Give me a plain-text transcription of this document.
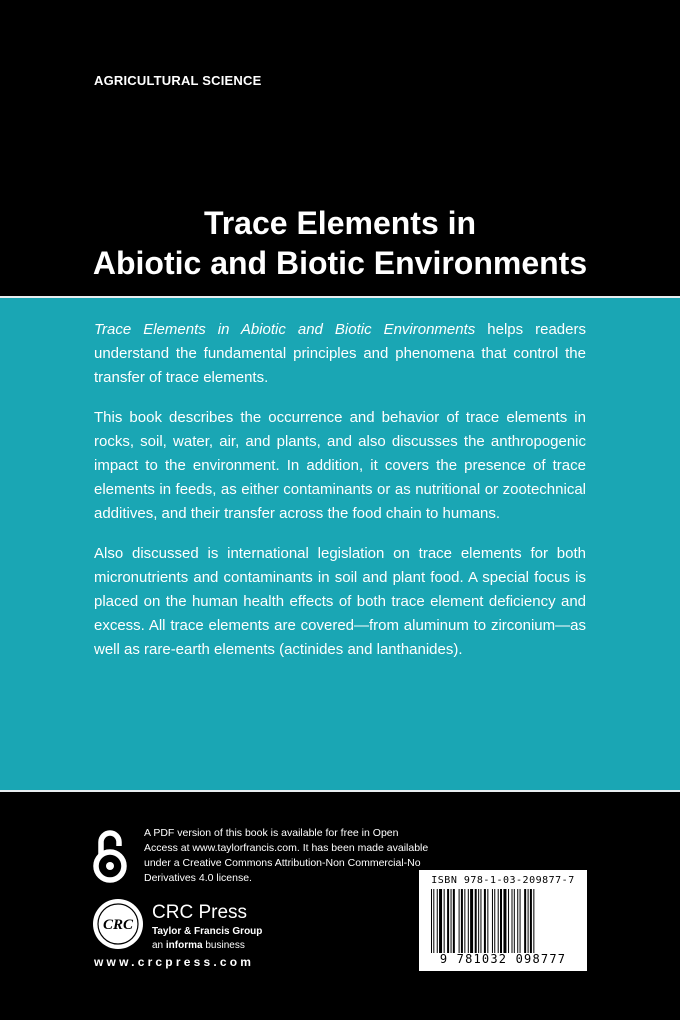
AGRICULTURAL SCIENCE
Trace Elements in
Abiotic and Biotic Environments

Trace Elements in Abiotic and Biotic Environments helps readers understand the fundamental principles and phenomena that control the transfer of trace elements.

This book describes the occurrence and behavior of trace elements in rocks, soil, water, air, and plants, and also discusses the anthropogenic impact to the environment. In addition, it covers the presence of trace elements in feeds, as either contaminants or as nutritional or zootechnical additives, and their transfer across the food chain to humans.

Also discussed is international legislation on trace elements for both micronutrients and contaminants in soil and plant food. A special focus is placed on the human health effects of both trace element deficiency and excess. All trace elements are covered—from aluminum to zirconium—as well as rare-earth elements (actinides and lanthanides).

A PDF version of this book is available for free in Open Access at www.taylorfrancis.com. It has been made available under a Creative Commons Attribution-Non Commercial-No Derivatives 4.0 license.
CRC
CRC Press
Taylor & Francis Group
an informa business
www.crcpress.com
ISBN 978-1-03-209877-7
9 781032 098777
